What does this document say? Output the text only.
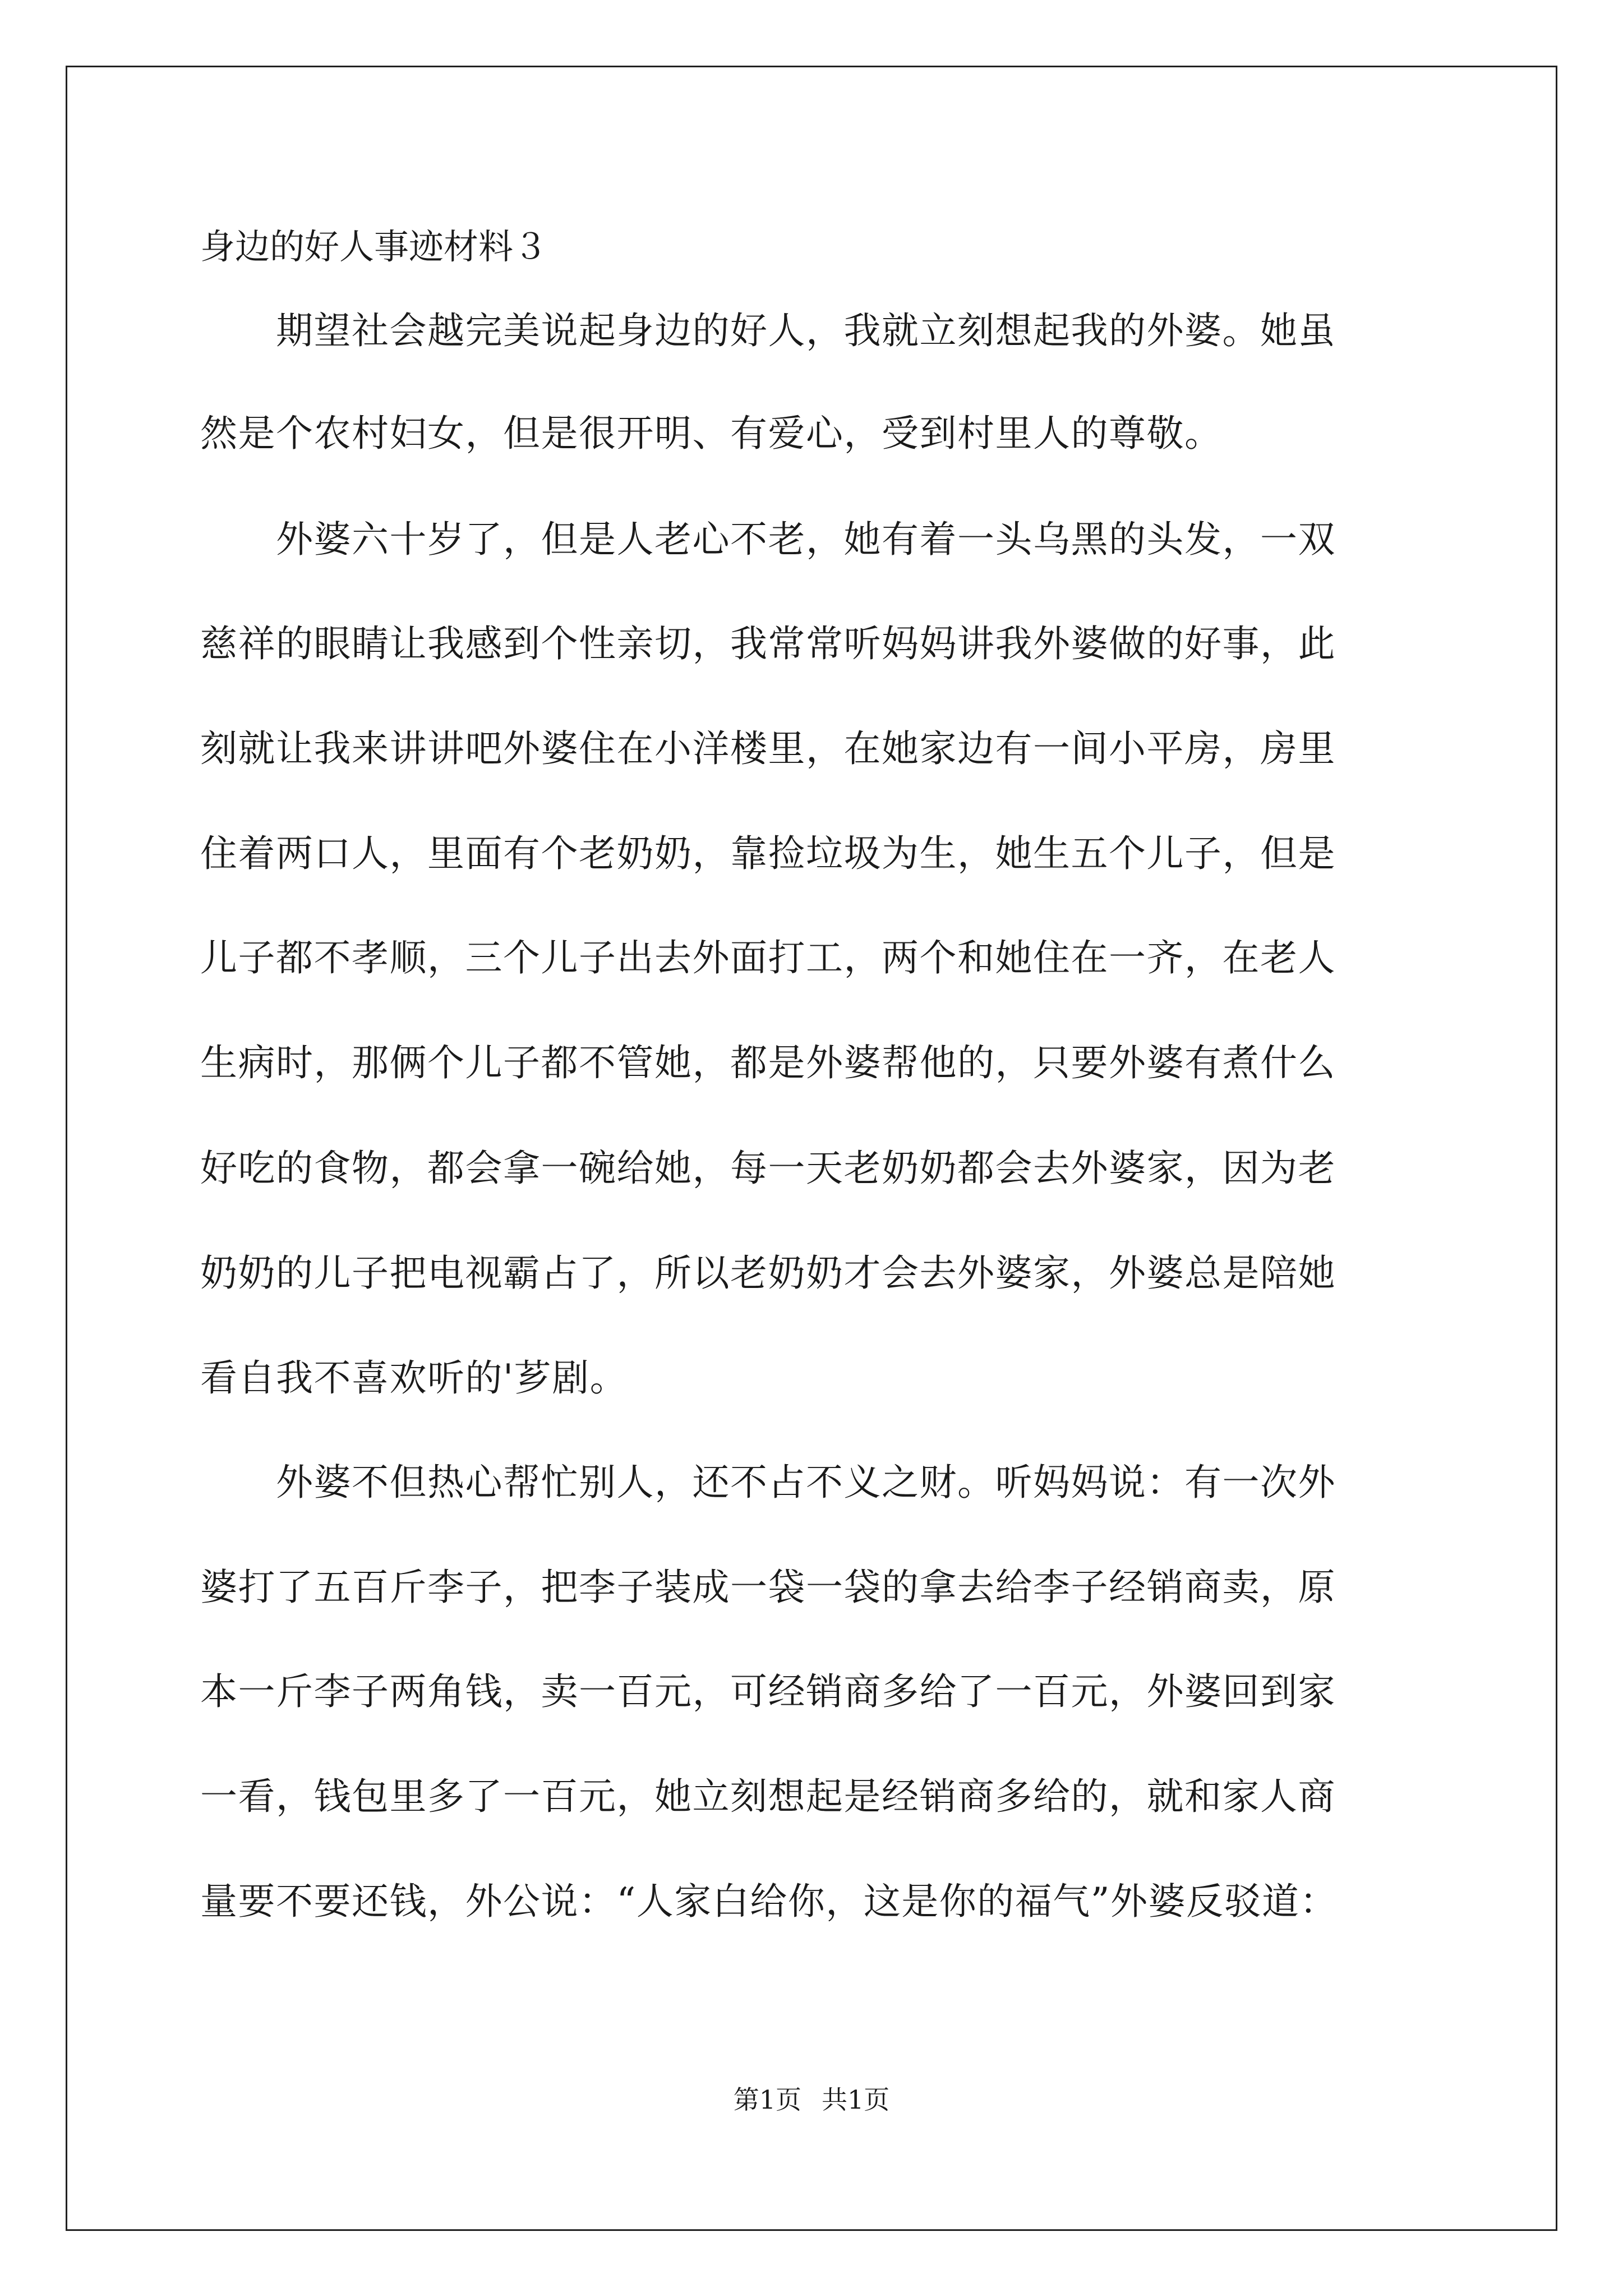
身边的好人事迹材料３
　　期望社会越完美说起身边的好人，我就立刻想起我的外婆。她虽
然是个农村妇女，但是很开明、有爱心，受到村里人的尊敬。
　　外婆六十岁了，但是人老心不老，她有着一头乌黑的头发，一双
慈祥的眼睛让我感到个性亲切，我常常听妈妈讲我外婆做的好事，此
刻就让我来讲讲吧外婆住在小洋楼里，在她家边有一间小平房，房里
住着两口人，里面有个老奶奶，靠捡垃圾为生，她生五个儿子，但是
儿子都不孝顺，三个儿子出去外面打工，两个和她住在一齐，在老人
生病时，那俩个儿子都不管她，都是外婆帮他的，只要外婆有煮什么
好吃的食物，都会拿一碗给她，每一天老奶奶都会去外婆家，因为老
奶奶的儿子把电视霸占了，所以老奶奶才会去外婆家，外婆总是陪她
看自我不喜欢听的'芗剧。
　　外婆不但热心帮忙别人，还不占不义之财。听妈妈说：有一次外
婆打了五百斤李子，把李子装成一袋一袋的拿去给李子经销商卖，原
本一斤李子两角钱，卖一百元，可经销商多给了一百元，外婆回到家
一看，钱包里多了一百元，她立刻想起是经销商多给的，就和家人商
量要不要还钱，外公说：“人家白给你，这是你的福气”外婆反驳道：
第1页 共1页
